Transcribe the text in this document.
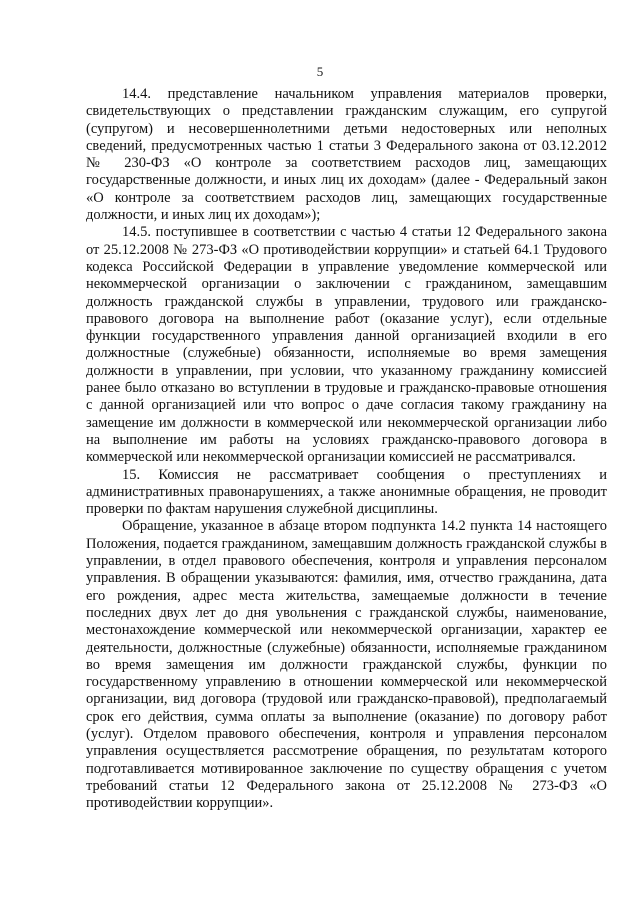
5

14.4. представление начальником управления материалов проверки, свидетельствующих о представлении гражданским служащим, его супругой (супругом) и несовершеннолетними детьми недостоверных или неполных сведений, предусмотренных частью 1 статьи 3 Федерального закона от 03.12.2012 № 230-ФЗ «О контроле за соответствием расходов лиц, замещающих государственные должности, и иных лиц их доходам» (далее - Федеральный закон «О контроле за соответствием расходов лиц, замещающих государственные должности, и иных лиц их доходам»);

14.5. поступившее в соответствии с частью 4 статьи 12 Федерального закона от 25.12.2008 № 273-ФЗ «О противодействии коррупции» и статьей 64.1 Трудового кодекса Российской Федерации в управление уведомление коммерческой или некоммерческой организации о заключении с гражданином, замещавшим должность гражданской службы в управлении, трудового или гражданско-правового договора на выполнение работ (оказание услуг), если отдельные функции государственного управления данной организацией входили в его должностные (служебные) обязанности, исполняемые во время замещения должности в управлении, при условии, что указанному гражданину комиссией ранее было отказано во вступлении в трудовые и гражданско-правовые отношения с данной организацией или что вопрос о даче согласия такому гражданину на замещение им должности в коммерческой или некоммерческой организации либо на выполнение им работы на условиях гражданско-правового договора в коммерческой или некоммерческой организации комиссией не рассматривался.

15. Комиссия не рассматривает сообщения о преступлениях и административных правонарушениях, а также анонимные обращения, не проводит проверки по фактам нарушения служебной дисциплины.

Обращение, указанное в абзаце втором подпункта 14.2 пункта 14 настоящего Положения, подается гражданином, замещавшим должность гражданской службы в управлении, в отдел правового обеспечения, контроля и управления персоналом управления. В обращении указываются: фамилия, имя, отчество гражданина, дата его рождения, адрес места жительства, замещаемые должности в течение последних двух лет до дня увольнения с гражданской службы, наименование, местонахождение коммерческой или некоммерческой организации, характер ее деятельности, должностные (служебные) обязанности, исполняемые гражданином во время замещения им должности гражданской службы, функции по государственному управлению в отношении коммерческой или некоммерческой организации, вид договора (трудовой или гражданско-правовой), предполагаемый срок его действия, сумма оплаты за выполнение (оказание) по договору работ (услуг). Отделом правового обеспечения, контроля и управления персоналом управления осуществляется рассмотрение обращения, по результатам которого подготавливается мотивированное заключение по существу обращения с учетом требований статьи 12 Федерального закона от 25.12.2008 № 273-ФЗ «О противодействии коррупции».
